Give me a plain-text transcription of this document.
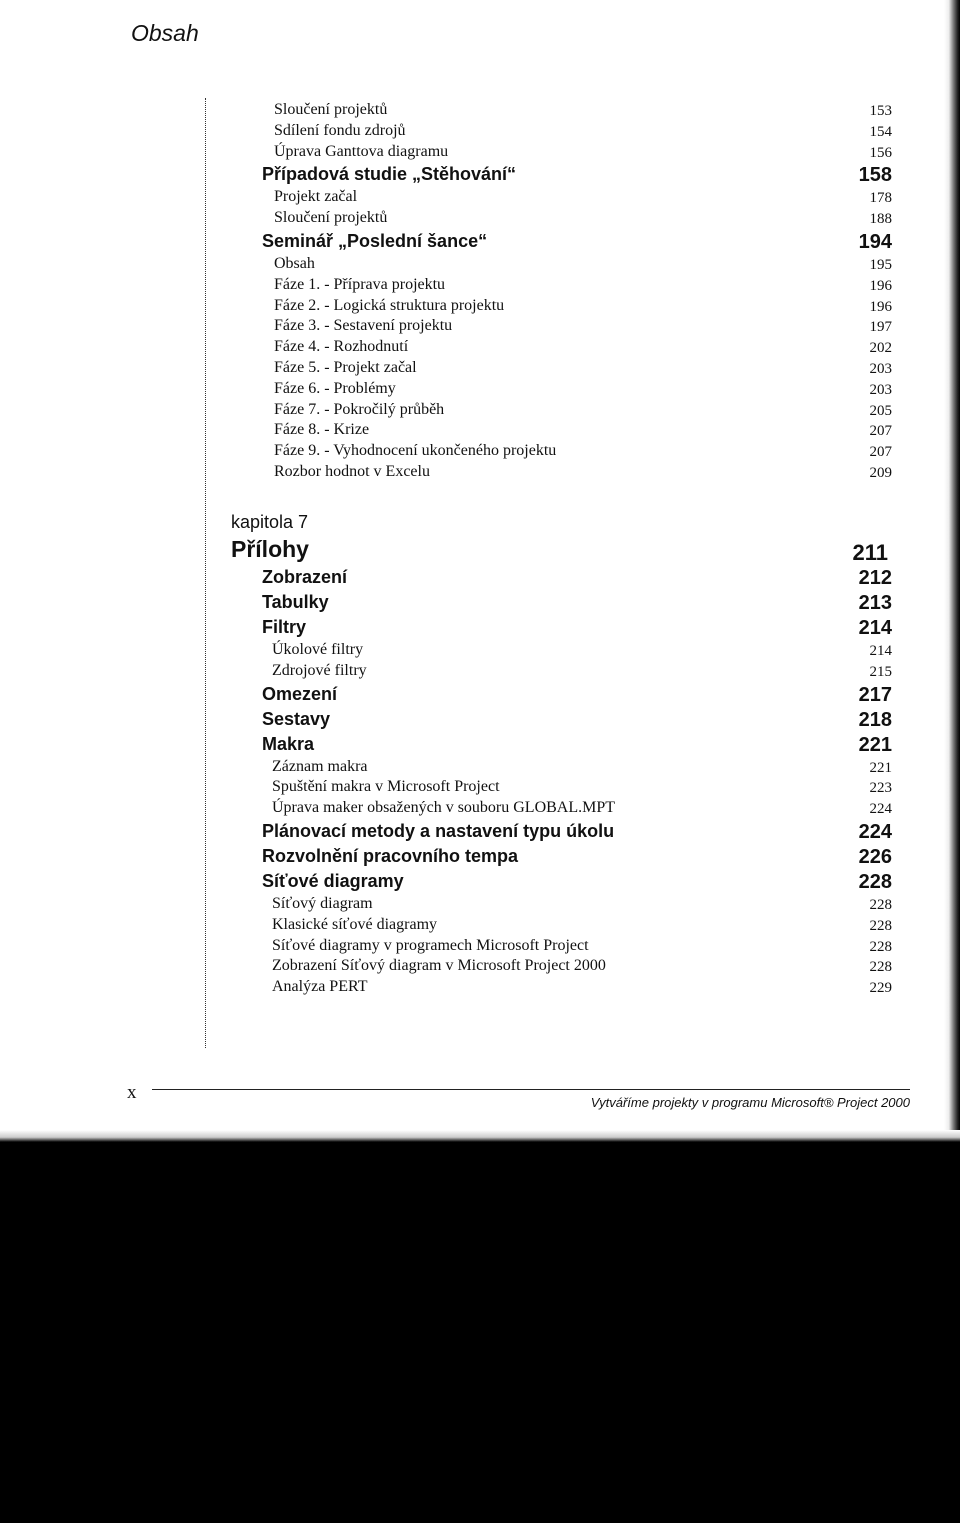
Obsah
Sloučení projektů	153
Sdílení fondu zdrojů	154
Úprava Ganttova diagramu	156
Případová studie „Stěhování“	158
Projekt začal	178
Sloučení projektů	188
Seminář „Poslední šance“	194
Obsah	195
Fáze 1. - Příprava projektu	196
Fáze 2. - Logická struktura projektu	196
Fáze 3. - Sestavení projektu	197
Fáze 4. - Rozhodnutí	202
Fáze 5. - Projekt začal	203
Fáze 6. - Problémy	203
Fáze 7. - Pokročilý průběh	205
Fáze 8. - Krize	207
Fáze 9. - Vyhodnocení ukončeného projektu	207
Rozbor hodnot v Excelu	209
kapitola 7
Přílohy	211
Zobrazení	212
Tabulky	213
Filtry	214
Úkolové filtry	214
Zdrojové filtry	215
Omezení	217
Sestavy	218
Makra	221
Záznam makra	221
Spuštění makra v Microsoft Project	223
Úprava maker obsažených v souboru GLOBAL.MPT	224
Plánovací metody a nastavení typu úkolu	224
Rozvolnění pracovního tempa	226
Síťové diagramy	228
Síťový diagram	228
Klasické síťové diagramy	228
Síťové diagramy v programech Microsoft Project	228
Zobrazení Síťový diagram v Microsoft Project 2000	228
Analýza PERT	229
x	Vytváříme projekty v programu Microsoft® Project 2000
